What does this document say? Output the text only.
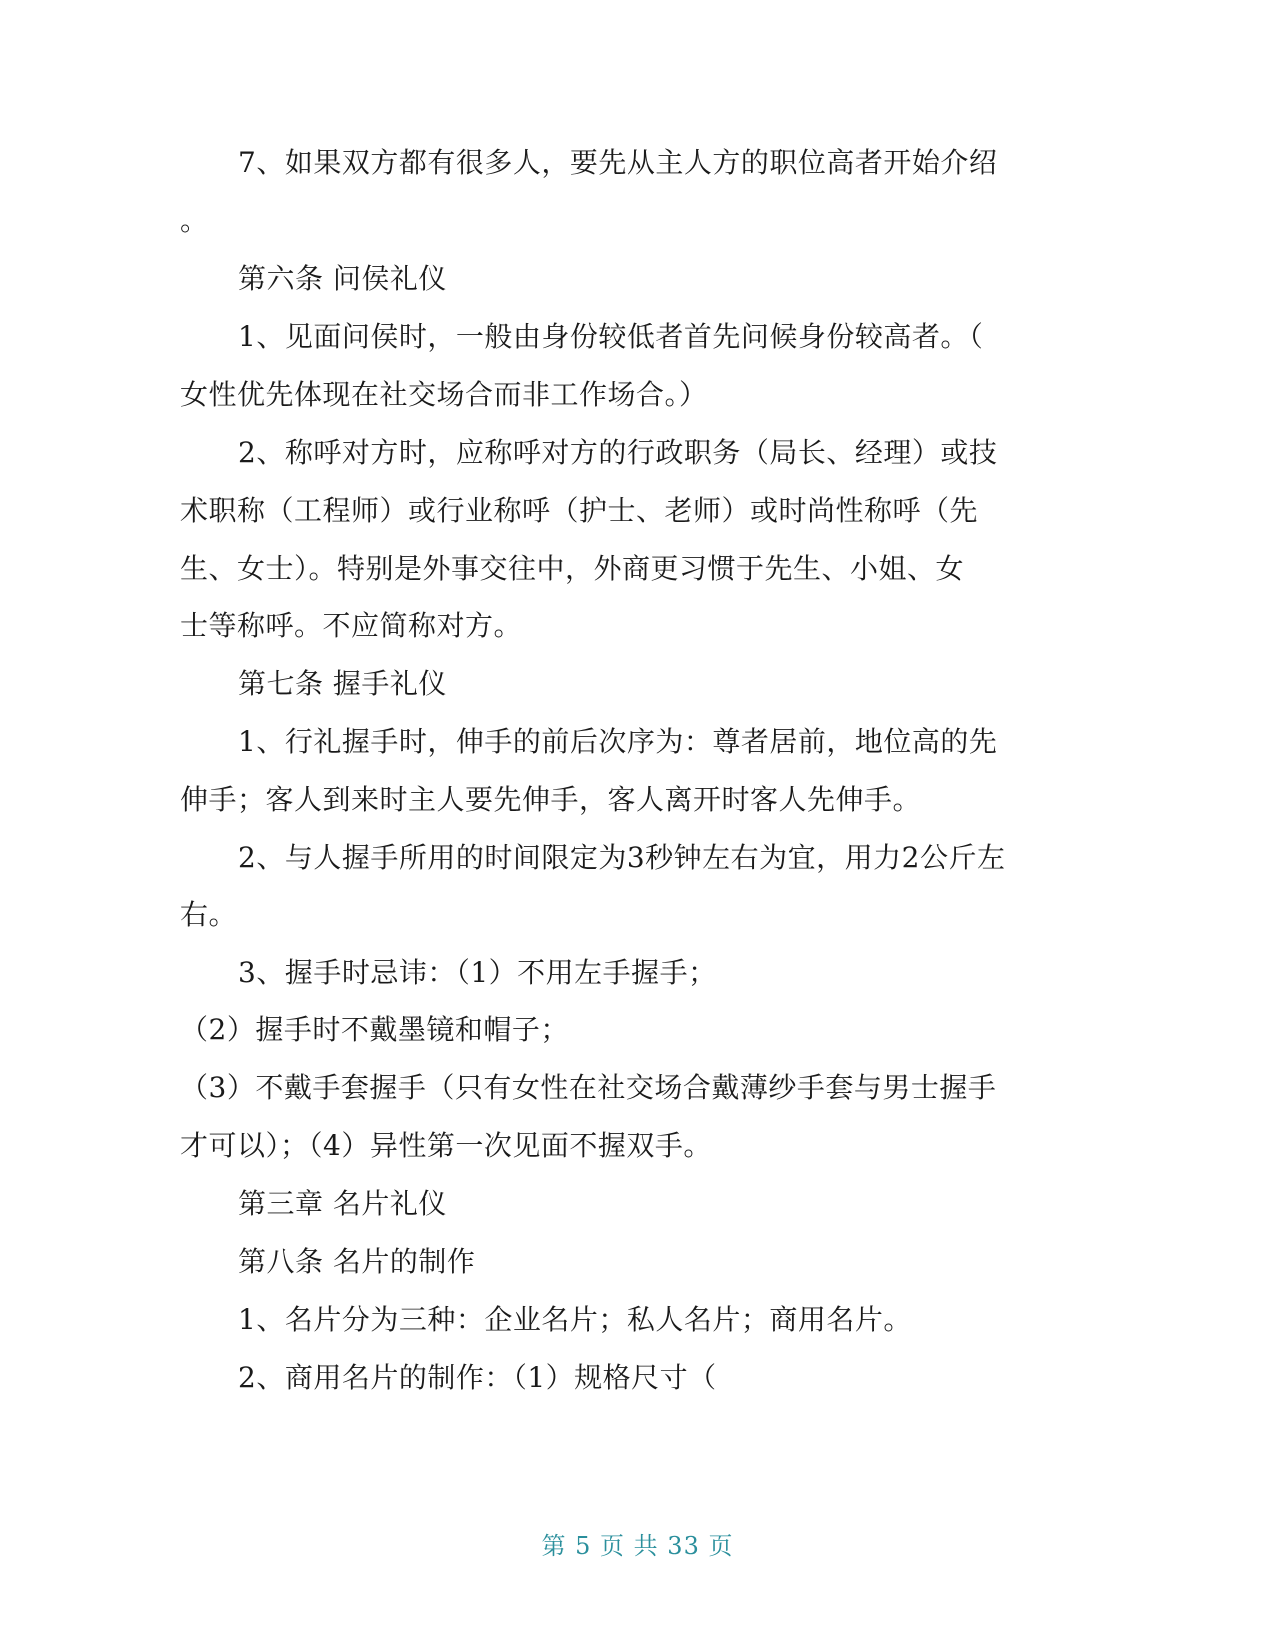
7、如果双方都有很多人，要先从主人方的职位高者开始介绍
。
第六条 问侯礼仪
1、见面问侯时，一般由身份较低者首先问候身份较高者。（
女性优先体现在社交场合而非工作场合。）
2、称呼对方时，应称呼对方的行政职务（局长、经理）或技
术职称（工程师）或行业称呼（护士、老师）或时尚性称呼（先
生、女士）。特别是外事交往中，外商更习惯于先生、小姐、女
士等称呼。不应简称对方。
第七条 握手礼仪
1、行礼握手时，伸手的前后次序为：尊者居前，地位高的先
伸手；客人到来时主人要先伸手，客人离开时客人先伸手。
2、与人握手所用的时间限定为3秒钟左右为宜，用力2公斤左
右。
3、握手时忌讳：（1）不用左手握手；
（2）握手时不戴墨镜和帽子；
（3）不戴手套握手（只有女性在社交场合戴薄纱手套与男士握手
才可以）；（4）异性第一次见面不握双手。
第三章 名片礼仪
第八条 名片的制作
1、名片分为三种：企业名片；私人名片；商用名片。
2、商用名片的制作：（1）规格尺寸（
第 5 页 共 33 页
